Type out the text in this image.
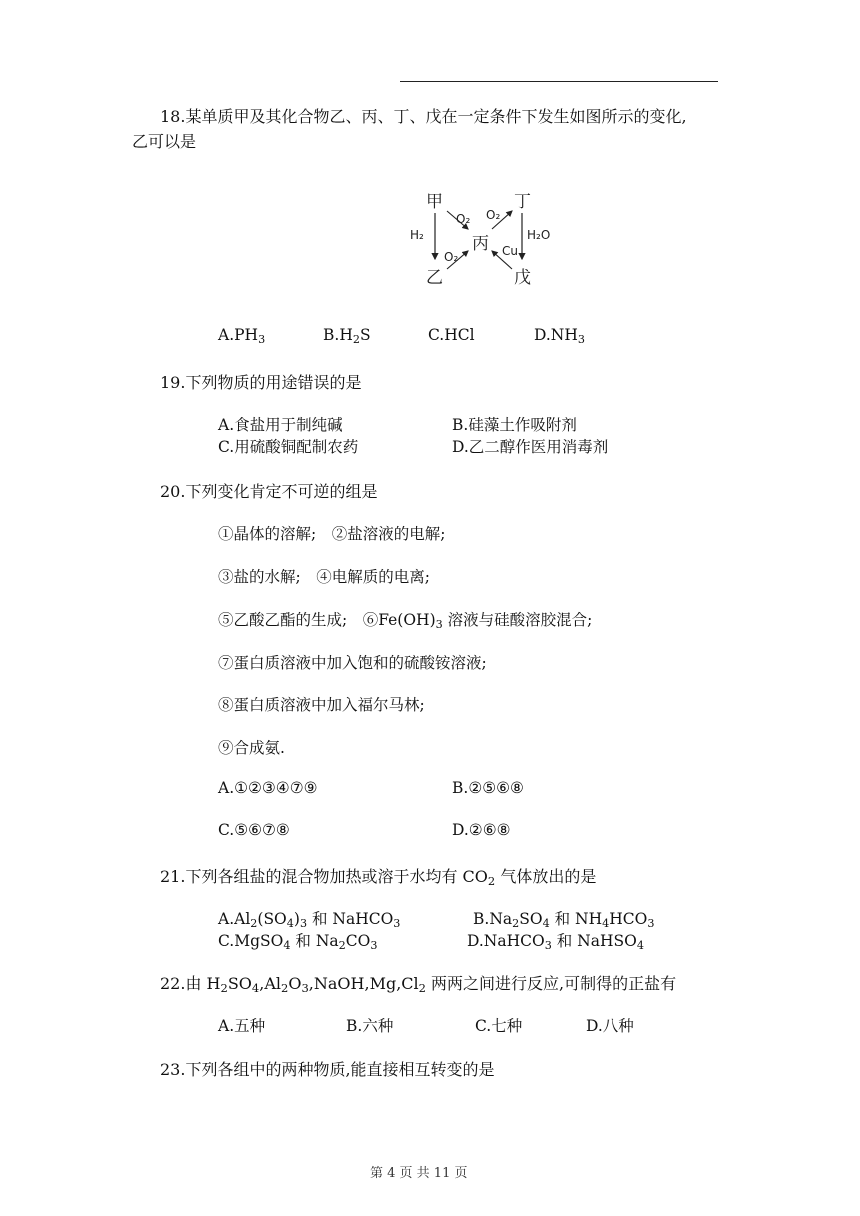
18.某单质甲及其化合物乙、丙、丁、戊在一定条件下发生如图所示的变化,
乙可以是
甲	丁
丙
乙	戊
H₂	H₂O
O₂ O₂
O₂	Cu
$A.PH_3$	$B.H_2S$	C.HCl	$D.NH_3$
19.下列物质的用途错误的是
A.食盐用于制纯碱	B.硅藻土作吸附剂
C.用硫酸铜配制农药	D.乙二醇作医用消毒剂
20.下列变化肯定不可逆的组是
①晶体的溶解;　②盐溶液的电解;
③盐的水解;　④电解质的电离;
⑤乙酸乙酯的生成;　$⑥Fe(OH)_3$ 溶液与硅酸溶胶混合;
⑦蛋白质溶液中加入饱和的硫酸铵溶液;
⑧蛋白质溶液中加入福尔马林;
⑨合成氨.
A.①②③④⑦⑨	B.②⑤⑥⑧
C.⑤⑥⑦⑧	D.②⑥⑧
21.下列各组盐的混合物加热或溶于水均有 $CO_2$ 气体放出的是
$A.Al_2(SO_4)_3$ 和 NaHCO$_3$	$B.Na_2SO_4$ 和 $NH_4HCO_3$
C.MgSO$_4$ 和 $Na_2CO_3$	D.NaHCO$_3$ 和 NaHSO$_4$
22.由 $H_2SO_4,Al_2O_3,NaOH,Mg,Cl_2$ 两两之间进行反应,可制得的正盐有
A.五种	B.六种	C.七种	D.八种
23.下列各组中的两种物质,能直接相互转变的是
第 4 页 共 11 页
